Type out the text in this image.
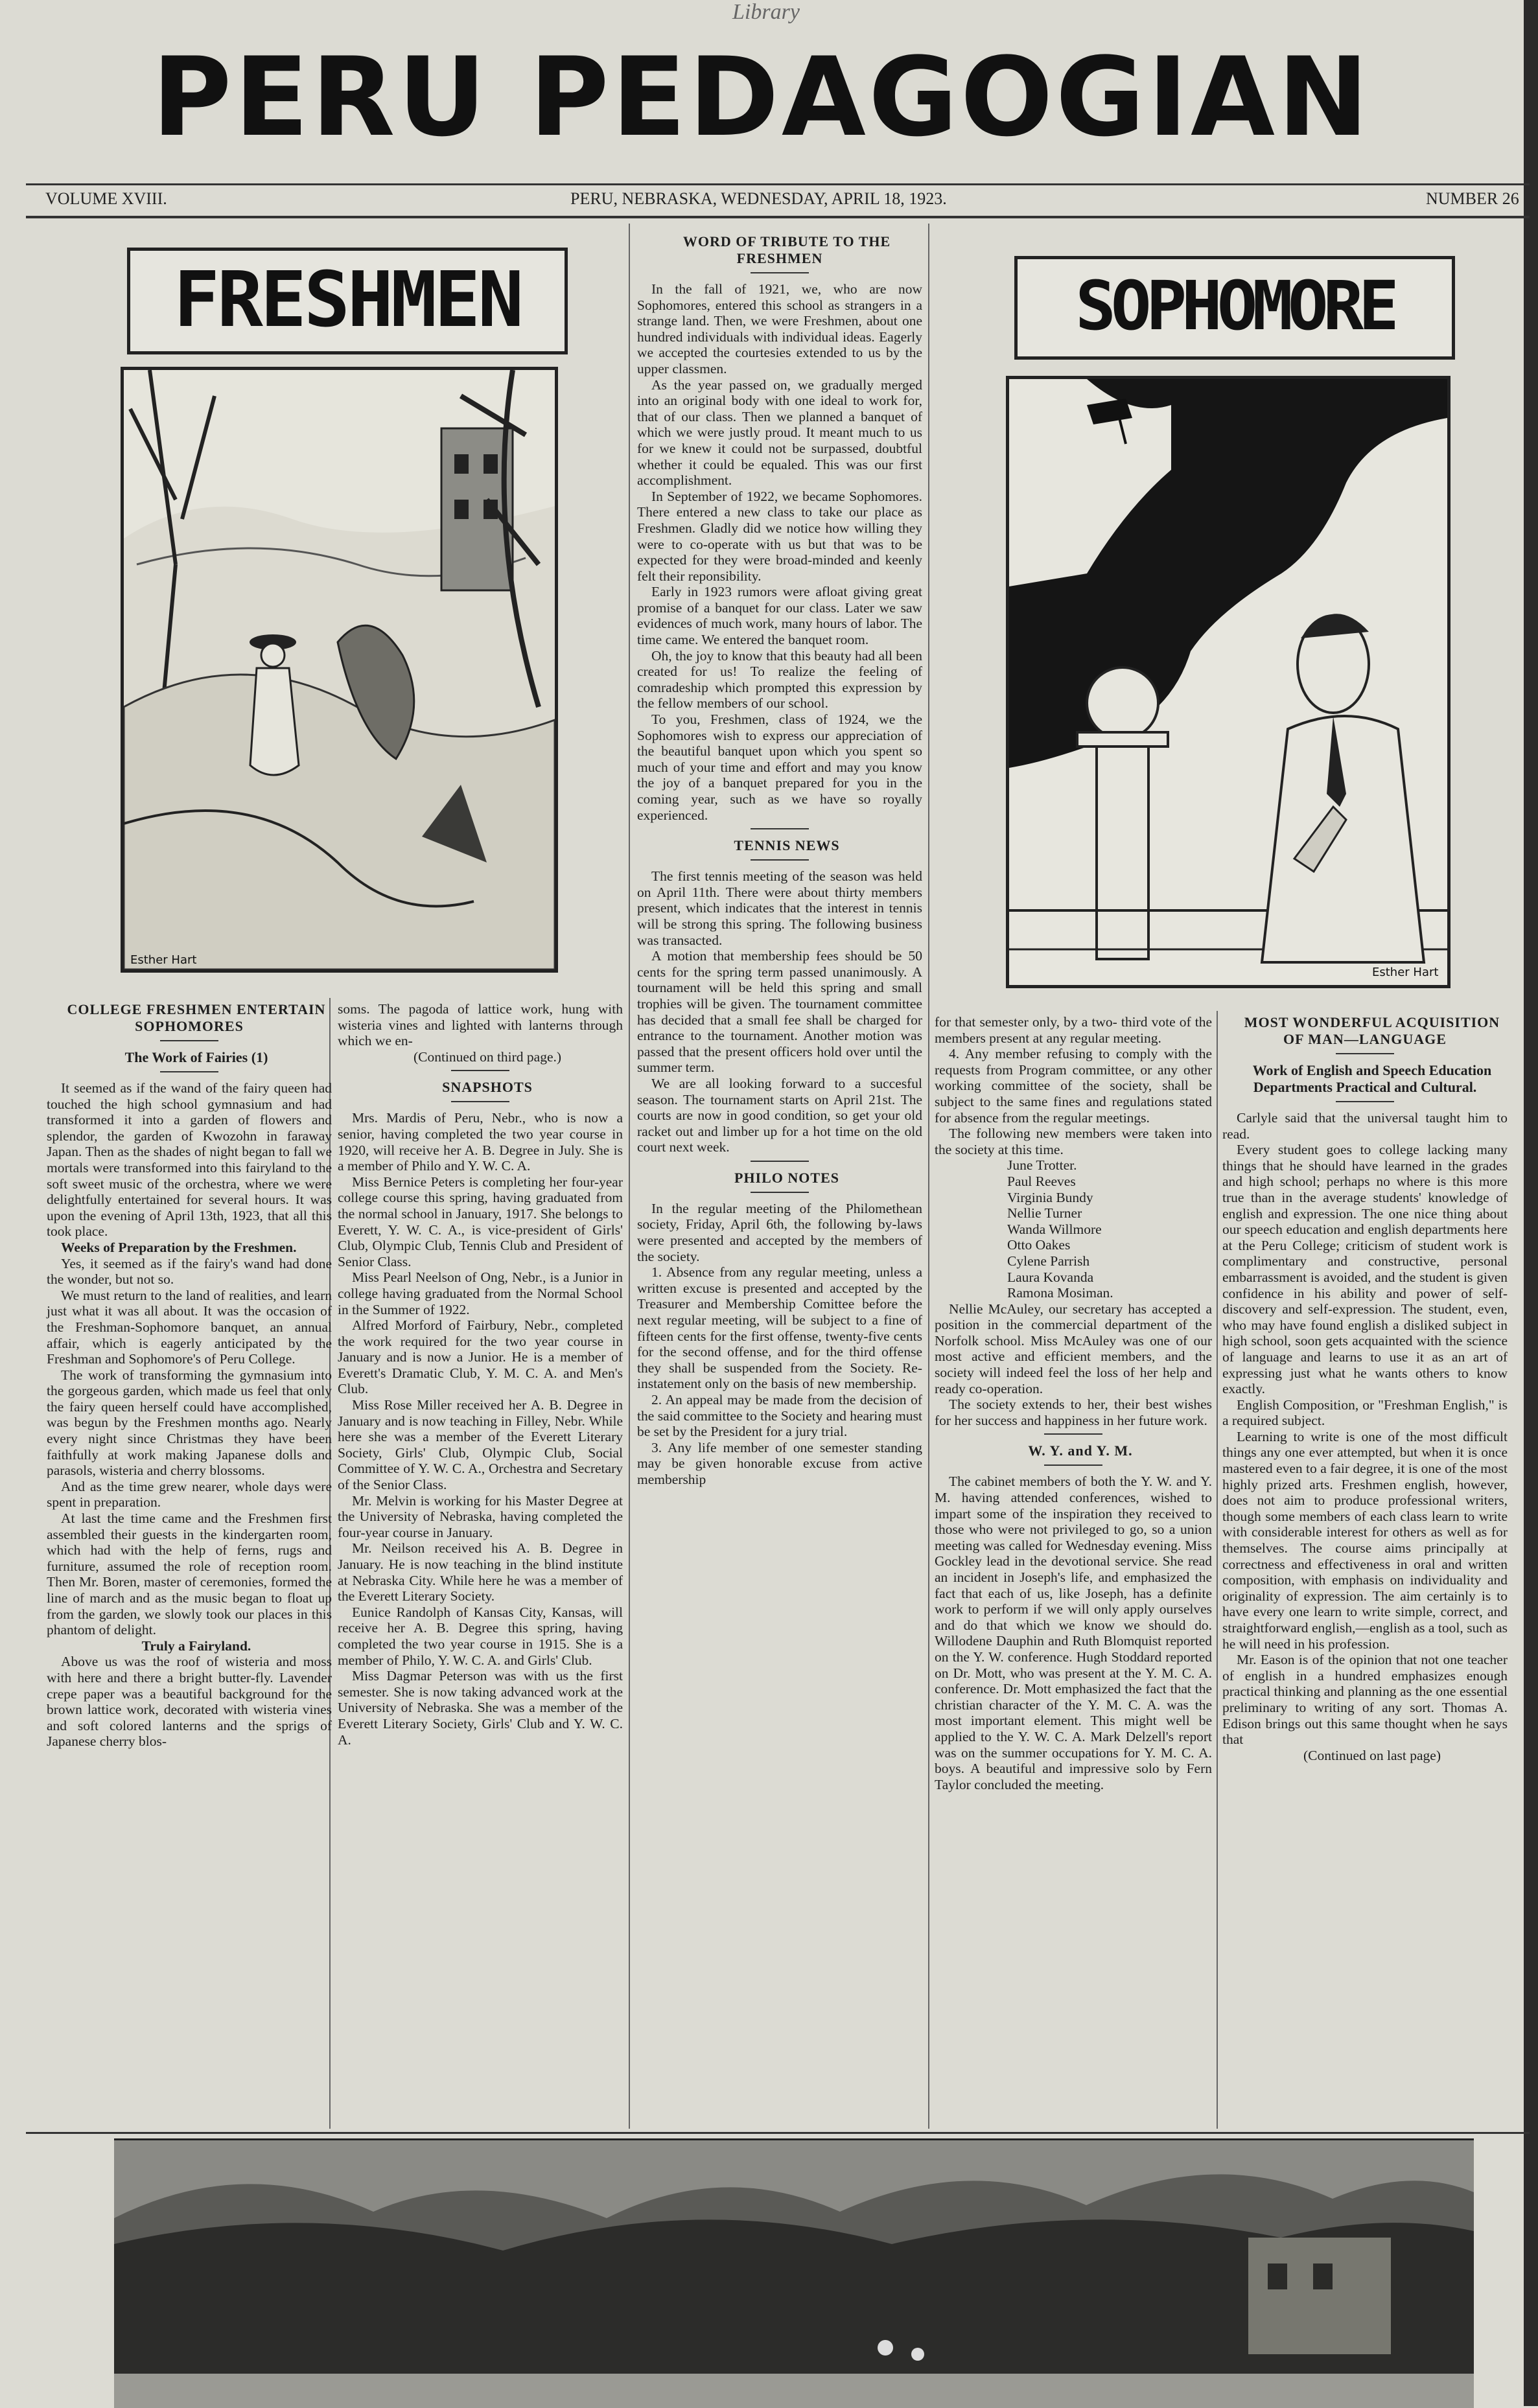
Library
PERU PEDAGOGIAN
VOLUME XVIII.	PERU, NEBRASKA, WEDNESDAY, APRIL 18, 1923.	NUMBER 26
FRESHMEN
Esther Hart
SOPHOMORE
Esther Hart

COLLEGE FRESHMEN ENTERTAIN SOPHOMORES

The Work of Fairies (1)

It seemed as if the wand of the fairy queen had touched the high school gymnasium and had transformed it into a garden of flowers and splendor, the garden of Kwozohn in faraway Japan. Then as the shades of night began to fall we mortals were transformed into this fairyland to the soft sweet music of the orchestra, where we were delightfully entertained for several hours. It was upon the evening of April 13th, 1923, that all this took place.

Weeks of Preparation by the Freshmen.

Yes, it seemed as if the fairy's wand had done the wonder, but not so.

We must return to the land of realities, and learn just what it was all about. It was the occasion of the Freshman-Sophomore banquet, an annual affair, which is eagerly anticipated by the Freshman and Sophomore's of Peru College.

The work of transforming the gymnasium into the gorgeous garden, which made us feel that only the fairy queen herself could have accomplished, was begun by the Freshmen months ago. Nearly every night since Christmas they have been faithfully at work making Japanese dolls and parasols, wisteria and cherry blossoms.

And as the time grew nearer, whole days were spent in preparation.

At last the time came and the Freshmen first assembled their guests in the kindergarten room, which had with the help of ferns, rugs and furniture, assumed the role of reception room. Then Mr. Boren, master of ceremonies, formed the line of march and as the music began to float up from the garden, we slowly took our places in this phantom of delight.

Truly a Fairyland.

Above us was the roof of wisteria and moss with here and there a bright butter-fly. Lavender crepe paper was a beautiful background for the brown lattice work, decorated with wisteria vines and soft colored lanterns and the sprigs of Japanese cherry blos-

soms. The pagoda of lattice work, hung with wisteria vines and lighted with lanterns through which we en-

(Continued on third page.)

SNAPSHOTS

Mrs. Mardis of Peru, Nebr., who is now a senior, having completed the two year course in 1920, will receive her A. B. Degree in July. She is a member of Philo and Y. W. C. A.

Miss Bernice Peters is completing her four-year college course this spring, having graduated from the normal school in January, 1917. She belongs to Everett, Y. W. C. A., is vice-president of Girls' Club, Olympic Club, Tennis Club and President of Senior Class.

Miss Pearl Neelson of Ong, Nebr., is a Junior in college having graduated from the Normal School in the Summer of 1922.

Alfred Morford of Fairbury, Nebr., completed the work required for the two year course in January and is now a Junior. He is a member of Everett's Dramatic Club, Y. M. C. A. and Men's Club.

Miss Rose Miller received her A. B. Degree in January and is now teaching in Filley, Nebr. While here she was a member of the Everett Literary Society, Girls' Club, Olympic Club, Social Committee of Y. W. C. A., Orchestra and Secretary of the Senior Class.

Mr. Melvin is working for his Master Degree at the University of Nebraska, having completed the four-year course in January.

Mr. Neilson received his A. B. Degree in January. He is now teaching in the blind institute at Nebraska City. While here he was a member of the Everett Literary Society.

Eunice Randolph of Kansas City, Kansas, will receive her A. B. Degree this spring, having completed the two year course in 1915. She is a member of Philo, Y. W. C. A. and Girls' Club.

Miss Dagmar Peterson was with us the first semester. She is now taking advanced work at the University of Nebraska. She was a member of the Everett Literary Society, Girls' Club and Y. W. C. A.

WORD OF TRIBUTE TO THE FRESHMEN

In the fall of 1921, we, who are now Sophomores, entered this school as strangers in a strange land. Then, we were Freshmen, about one hundred individuals with individual ideas. Eagerly we accepted the courtesies extended to us by the upper classmen.

As the year passed on, we gradually merged into an original body with one ideal to work for, that of our class. Then we planned a banquet of which we were justly proud. It meant much to us for we knew it could not be surpassed, doubtful whether it could be equaled. This was our first accomplishment.

In September of 1922, we became Sophomores. There entered a new class to take our place as Freshmen. Gladly did we notice how willing they were to co-operate with us but that was to be expected for they were broad-minded and keenly felt their reponsibility.

Early in 1923 rumors were afloat giving great promise of a banquet for our class. Later we saw evidences of much work, many hours of labor. The time came. We entered the banquet room.

Oh, the joy to know that this beauty had all been created for us! To realize the feeling of comradeship which prompted this expression by the fellow members of our school.

To you, Freshmen, class of 1924, we the Sophomores wish to express our appreciation of the beautiful banquet upon which you spent so much of your time and effort and may you know the joy of a banquet prepared for you in the coming year, such as we have so royally experienced.

TENNIS NEWS

The first tennis meeting of the season was held on April 11th. There were about thirty members present, which indicates that the interest in tennis will be strong this spring. The following business was transacted.

A motion that membership fees should be 50 cents for the spring term passed unanimously. A tournament will be held this spring and small trophies will be given. The tournament committee has decided that a small fee shall be charged for entrance to the tournament. Another motion was passed that the present officers hold over until the summer term.

We are all looking forward to a succesful season. The tournament starts on April 21st. The courts are now in good condition, so get your old racket out and limber up for a hot time on the old court next week.

PHILO NOTES

In the regular meeting of the Philomethean society, Friday, April 6th, the following by-laws were presented and accepted by the members of the society.

1. Absence from any regular meeting, unless a written excuse is presented and accepted by the Treasurer and Membership Comittee before the next regular meeting, will be subject to a fine of fifteen cents for the first offense, twenty-five cents for the second offense, and for the third offense they shall be suspended from the Society. Re-instatement only on the basis of new membership.

2. An appeal may be made from the decision of the said committee to the Society and hearing must be set by the President for a jury trial.

3. Any life member of one semester standing may be given honorable excuse from active membership

for that semester only, by a two- third vote of the members present at any regular meeting.

4. Any member refusing to comply with the requests from Program committee, or any other working committee of the society, shall be subject to the same fines and regulations stated for absence from the regular meetings.

The following new members were taken into the society at this time.

June Trotter.

Paul Reeves

Virginia Bundy

Nellie Turner

Wanda Willmore

Otto Oakes

Cylene Parrish

Laura Kovanda

Ramona Mosiman.

Nellie McAuley, our secretary has accepted a position in the commercial department of the Norfolk school. Miss McAuley was one of our most active and efficient members, and the society will indeed feel the loss of her help and ready co-operation.

The society extends to her, their best wishes for her success and happiness in her future work.

W. Y. and Y. M.

The cabinet members of both the Y. W. and Y. M. having attended conferences, wished to impart some of the inspiration they received to those who were not privileged to go, so a union meeting was called for Wednesday evening. Miss Gockley lead in the devotional service. She read an incident in Joseph's life, and emphasized the fact that each of us, like Joseph, has a definite work to perform if we will only apply ourselves and do that which we know we should do. Willodene Dauphin and Ruth Blomquist reported on the Y. W. conference. Hugh Stoddard reported on Dr. Mott, who was present at the Y. M. C. A. conference. Dr. Mott emphasized the fact that the christian character of the Y. M. C. A. was the most important element. This might well be applied to the Y. W. C. A. Mark Delzell's report was on the summer occupations for Y. M. C. A. boys. A beautiful and impressive solo by Fern Taylor concluded the meeting.

MOST WONDERFUL ACQUISITION OF MAN—LANGUAGE

Work of English and Speech Education Departments Practical and Cultural.

Carlyle said that the universal taught him to read.

Every student goes to college lacking many things that he should have learned in the grades and high school; perhaps no where is this more true than in the average students' knowledge of english and expression. The one nice thing about our speech education and english departments here at the Peru College; criticism of student work is complimentary and constructive, personal embarrassment is avoided, and the student is given confidence in his ability and power of self-discovery and self-expression. The student, even, who may have found english a disliked subject in high school, soon gets acquainted with the science of language and learns to use it as an art of expressing just what he wants others to know exactly.

English Composition, or "Freshman English," is a required subject.

Learning to write is one of the most difficult things any one ever attempted, but when it is once mastered even to a fair degree, it is one of the most highly prized arts. Freshmen english, however, does not aim to produce professional writers, though some members of each class learn to write with considerable interest for others as well as for themselves. The course aims principally at correctness and effectiveness in oral and written composition, with emphasis on individuality and originality of expression. The aim certainly is to have every one learn to write simple, correct, and straightforward english,—english as a tool, such as he will need in his profession.

Mr. Eason is of the opinion that not one teacher of english in a hundred emphasizes enough practical thinking and planning as the one essential preliminary to writing of any sort. Thomas A. Edison brings out this same thought when he says that

(Continued on last page)
